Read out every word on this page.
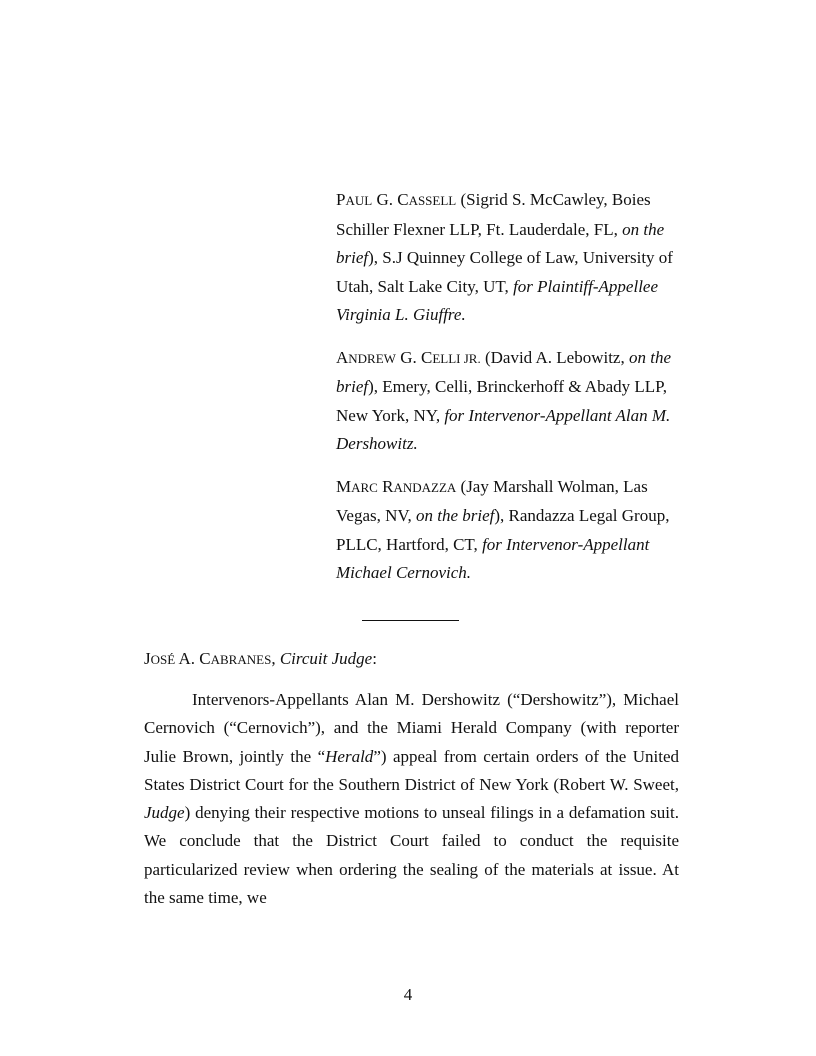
PAUL G. CASSELL (Sigrid S. McCawley, Boies Schiller Flexner LLP, Ft. Lauderdale, FL, on the brief), S.J Quinney College of Law, University of Utah, Salt Lake City, UT, for Plaintiff-Appellee Virginia L. Giuffre.
ANDREW G. CELLI JR. (David A. Lebowitz, on the brief), Emery, Celli, Brinckerhoff & Abady LLP, New York, NY, for Intervenor-Appellant Alan M. Dershowitz.
MARC RANDAZZA (Jay Marshall Wolman, Las Vegas, NV, on the brief), Randazza Legal Group, PLLC, Hartford, CT, for Intervenor-Appellant Michael Cernovich.
JOSÉ A. CABRANES, Circuit Judge:

Intervenors-Appellants Alan M. Dershowitz (“Dershowitz”), Michael Cernovich (“Cernovich”), and the Miami Herald Company (with reporter Julie Brown, jointly the “Herald”) appeal from certain orders of the United States District Court for the Southern District of New York (Robert W. Sweet, Judge) denying their respective motions to unseal filings in a defamation suit. We conclude that the District Court failed to conduct the requisite particularized review when ordering the sealing of the materials at issue. At the same time, we

4
